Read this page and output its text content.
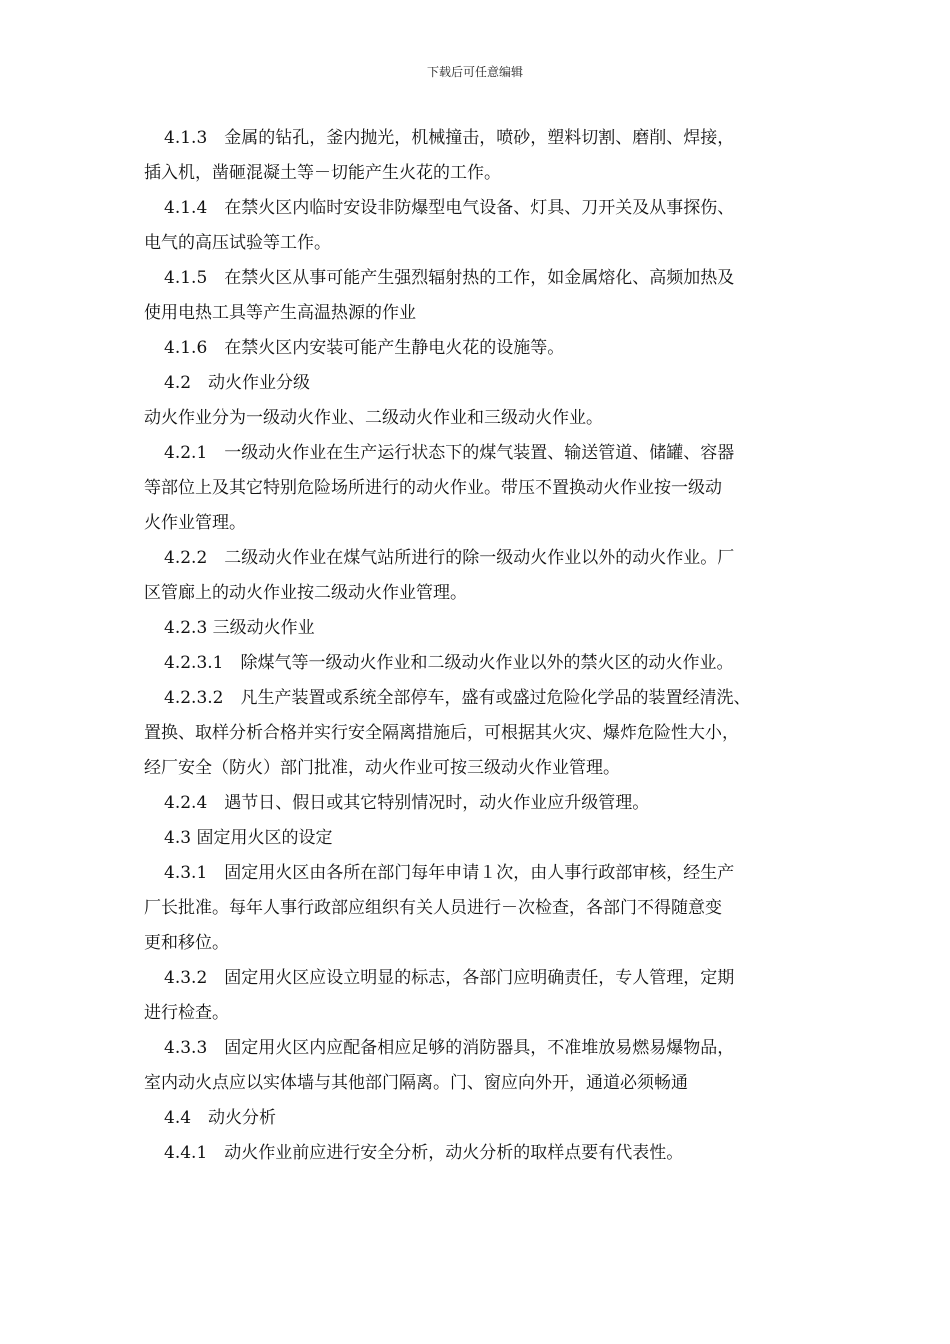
下载后可任意编辑
4.1.3　金属的钻孔，釜内抛光，机械撞击，喷砂，塑料切割、磨削、焊接，
插入机，凿砸混凝土等－切能产生火花的工作。
4.1.4　在禁火区内临时安设非防爆型电气设备、灯具、刀开关及从事探伤、
电气的高压试验等工作。
4.1.5　在禁火区从事可能产生强烈辐射热的工作，如金属熔化、高频加热及
使用电热工具等产生高温热源的作业
4.1.6　在禁火区内安装可能产生静电火花的设施等。
4.2　动火作业分级
动火作业分为一级动火作业、二级动火作业和三级动火作业。
4.2.1　一级动火作业在生产运行状态下的煤气装置、输送管道、储罐、容器
等部位上及其它特别危险场所进行的动火作业。带压不置换动火作业按一级动
火作业管理。
4.2.2　二级动火作业在煤气站所进行的除一级动火作业以外的动火作业。厂
区管廊上的动火作业按二级动火作业管理。
4.2.3 三级动火作业
4.2.3.1　除煤气等一级动火作业和二级动火作业以外的禁火区的动火作业。
4.2.3.2　凡生产装置或系统全部停车，盛有或盛过危险化学品的装置经清洗、
置换、取样分析合格并实行安全隔离措施后，可根据其火灾、爆炸危险性大小，
经厂安全（防火）部门批准，动火作业可按三级动火作业管理。
4.2.4　遇节日、假日或其它特别情况时，动火作业应升级管理。
4.3 固定用火区的设定
4.3.1　固定用火区由各所在部门每年申请１次，由人事行政部审核，经生产
厂长批准。每年人事行政部应组织有关人员进行－次检查，各部门不得随意变
更和移位。
4.3.2　固定用火区应设立明显的标志，各部门应明确责任，专人管理，定期
进行检查。
4.3.3　固定用火区内应配备相应足够的消防器具，不准堆放易燃易爆物品，
室内动火点应以实体墙与其他部门隔离。门、窗应向外开，通道必须畅通
4.4　动火分析
4.4.1　动火作业前应进行安全分析，动火分析的取样点要有代表性。
